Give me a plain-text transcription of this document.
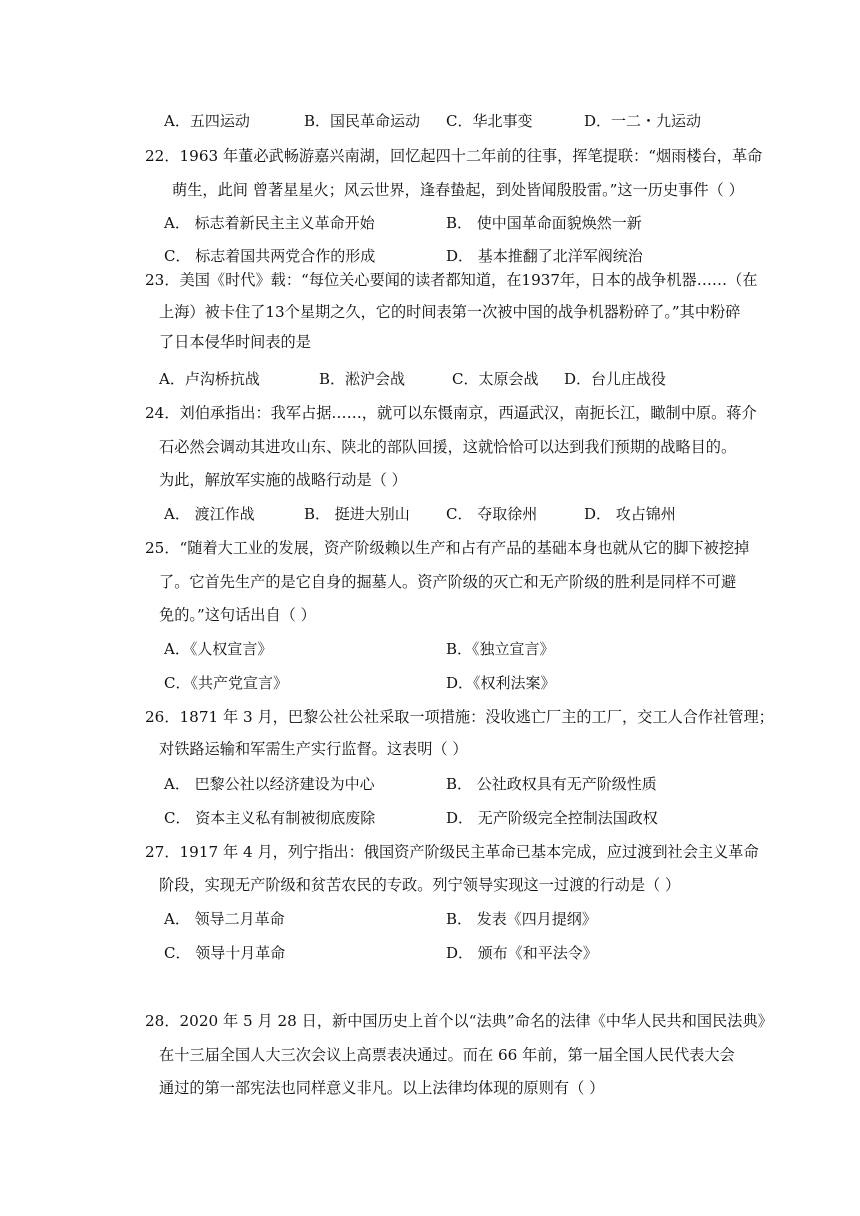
A．五四运动	B．国民革命运动 C．华北事变	D．一二・九运动
22．1963 年董必武畅游嘉兴南湖，回忆起四十二年前的往事，挥笔提联：“烟雨楼台，革命
萌生，此间 曾著星星火；风云世界，逢春蛰起，到处皆闻殷股雷。”这一历史事件（ ）
A． 标志着新民主主义革命开始	B． 使中国革命面貌焕然一新
C． 标志着国共两党合作的形成	D． 基本推翻了北洋军阀统治
23．美国《时代》载：“每位关心要闻的读者都知道，在1937年，日本的战争机器……（在
上海）被卡住了13个星期之久，它的时间表第一次被中国的战争机器粉碎了。”其中粉碎
了日本侵华时间表的是
A．卢沟桥抗战	B．淞沪会战	C．太原会战 D．台儿庄战役
24．刘伯承指出：我军占据……，就可以东慑南京，西逼武汉，南扼长江，瞰制中原。蒋介
石必然会调动其进攻山东、陕北的部队回援，这就恰恰可以达到我们预期的战略目的。
为此，解放军实施的战略行动是（ ）
A． 渡江作战	B． 挺进大别山 C． 夺取徐州	D． 攻占锦州
25．“随着大工业的发展，资产阶级赖以生产和占有产品的基础本身也就从它的脚下被挖掉
了。它首先生产的是它自身的掘墓人。资产阶级的灭亡和无产阶级的胜利是同样不可避
免的。”这句话出自（ ）
A．《人权宣言》	B．《独立宣言》
C．《共产党宣言》	D．《权利法案》
26．1871 年 3 月，巴黎公社公社采取一项措施：没收逃亡厂主的工厂，交工人合作社管理；
对铁路运输和军需生产实行监督。这表明（ ）
A． 巴黎公社以经济建设为中心	B． 公社政权具有无产阶级性质
C． 资本主义私有制被彻底废除	D． 无产阶级完全控制法国政权
27．1917 年 4 月，列宁指出：俄国资产阶级民主革命已基本完成，应过渡到社会主义革命
阶段，实现无产阶级和贫苦农民的专政。列宁领导实现这一过渡的行动是（ ）
A． 领导二月革命	B． 发表《四月提纲》
C． 领导十月革命	D． 颁布《和平法令》
28．2020 年 5 月 28 日，新中国历史上首个以“法典”命名的法律《中华人民共和国民法典》
在十三届全国人大三次会议上高票表决通过。而在 66 年前，第一届全国人民代表大会
通过的第一部宪法也同样意义非凡。以上法律均体现的原则有（ ）
